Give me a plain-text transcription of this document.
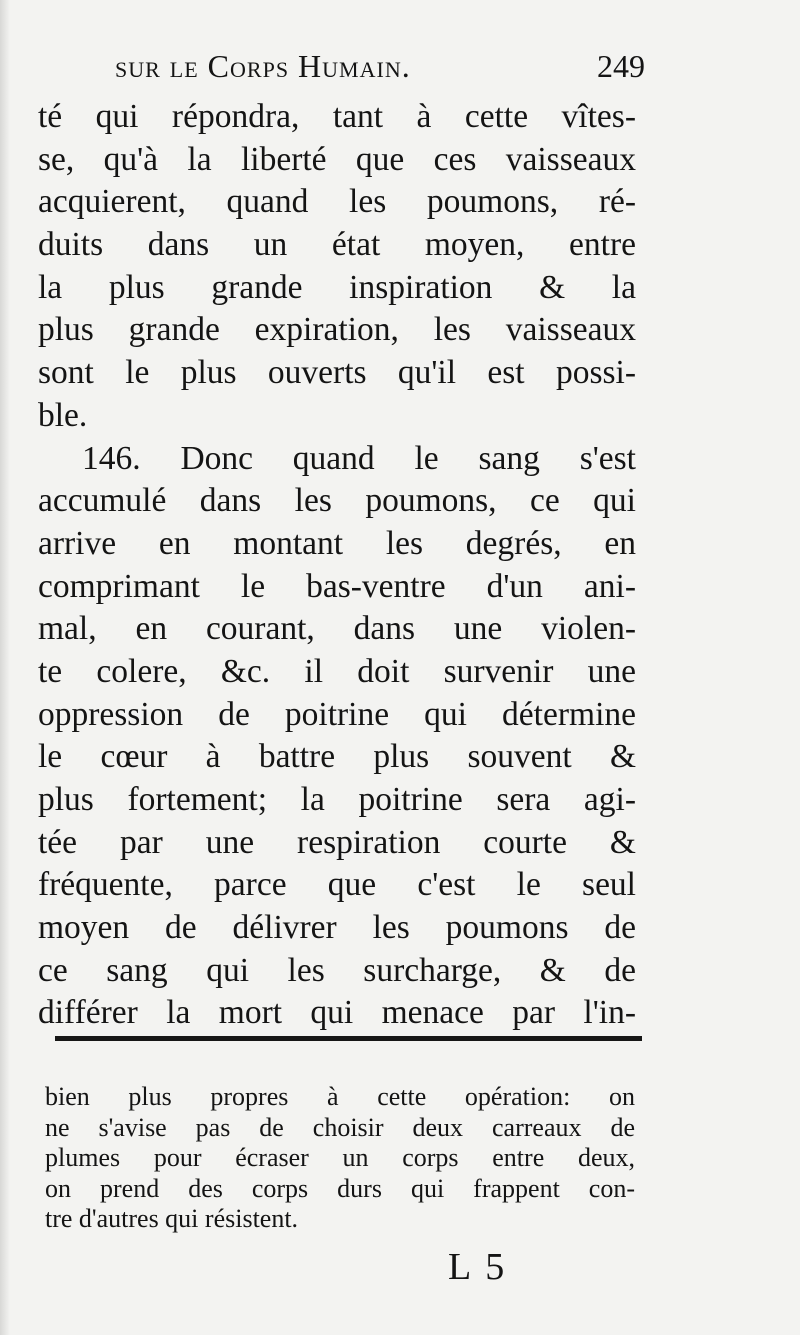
sur le Corps Humain.	249
té qui répondra, tant à cette vîtes-
se, qu'à la liberté que ces vaisseaux
acquierent, quand les poumons, ré-
duits dans un état moyen, entre
la plus grande inspiration & la
plus grande expiration, les vaisseaux
sont le plus ouverts qu'il est possi-
ble.
146. Donc quand le sang s'est
accumulé dans les poumons, ce qui
arrive en montant les degrés, en
comprimant le bas-ventre d'un ani-
mal, en courant, dans une violen-
te colere, &c. il doit survenir une
oppression de poitrine qui détermine
le cœur à battre plus souvent &
plus fortement; la poitrine sera agi-
tée par une respiration courte &
fréquente, parce que c'est le seul
moyen de délivrer les poumons de
ce sang qui les surcharge, & de
différer la mort qui menace par l'in-
bien plus propres à cette opération: on
ne s'avise pas de choisir deux carreaux de
plumes pour écraser un corps entre deux,
on prend des corps durs qui frappent con-
tre d'autres qui résistent.
L 5
